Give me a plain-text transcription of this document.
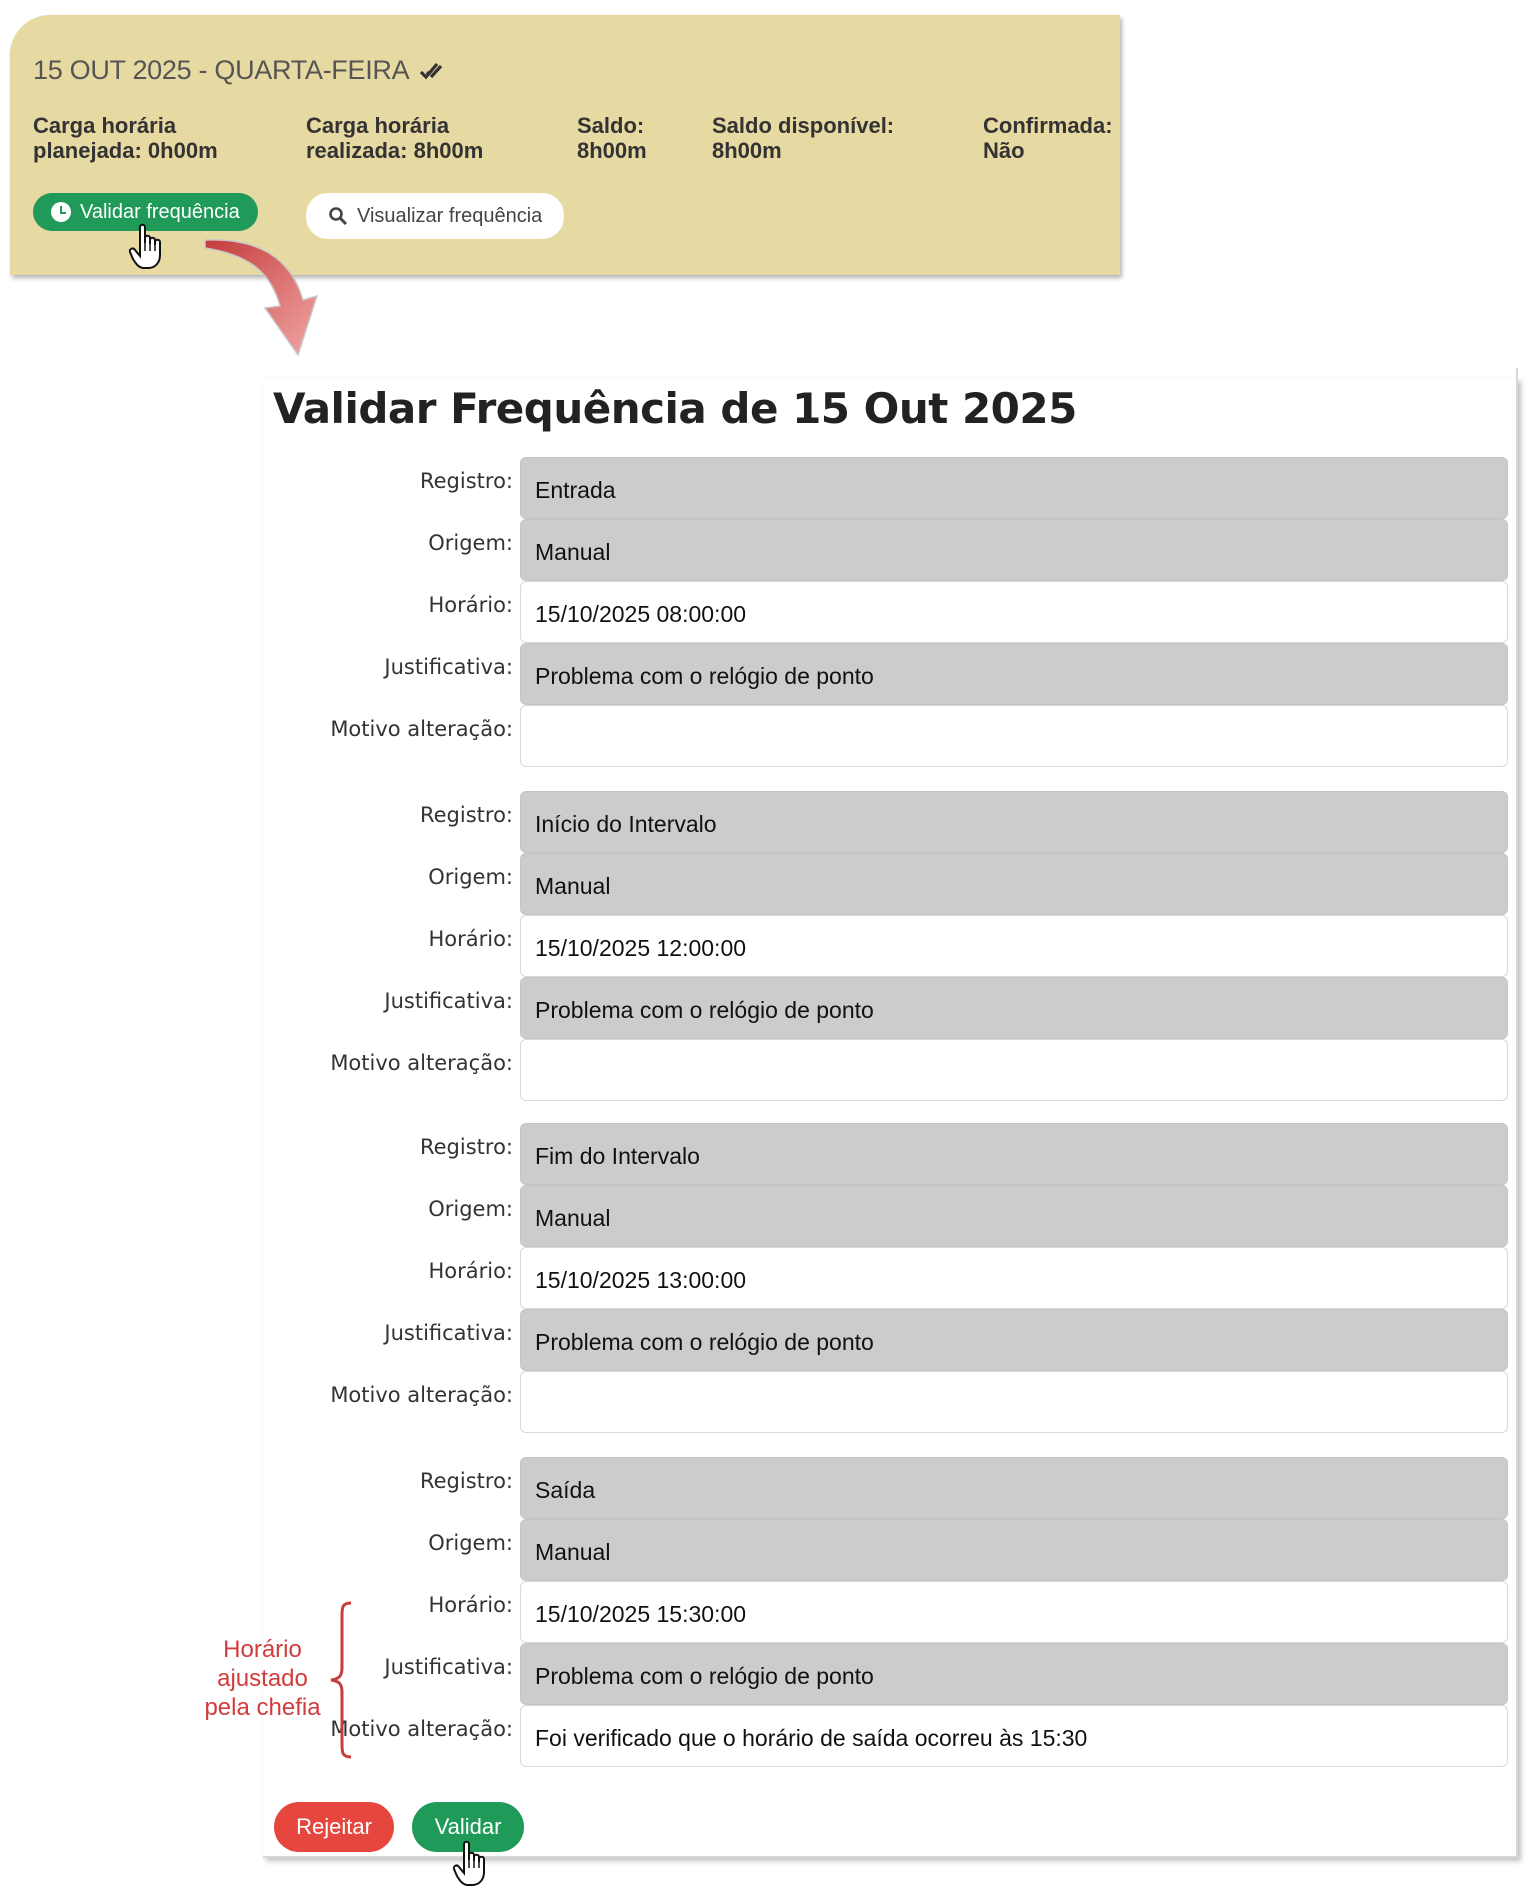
15 OUT 2025 - QUARTA-FEIRA
Carga horária
planejada: 0h00m
Carga horária
realizada: 8h00m
Saldo:
8h00m
Saldo disponível:
8h00m
Confirmada:
Não
Validar frequência	Visualizar frequência
Validar Frequência de 15 Out 2025
Registro: Entrada
Origem: Manual
Horário: 15/10/2025 08:00:00
Justificativa: Problema com o relógio de ponto
Motivo alteração:
Registro: Início do Intervalo
Origem: Manual
Horário: 15/10/2025 12:00:00
Justificativa: Problema com o relógio de ponto
Motivo alteração:
Registro: Fim do Intervalo
Origem: Manual
Horário: 15/10/2025 13:00:00
Justificativa: Problema com o relógio de ponto
Motivo alteração:
Registro: Saída
Origem: Manual
Horário: 15/10/2025 15:30:00
Justificativa: Problema com o relógio de ponto
Motivo alteração: Foi verificado que o horário de saída ocorreu às 15:30
Rejeitar	Validar
Horário
ajustado
pela chefia
